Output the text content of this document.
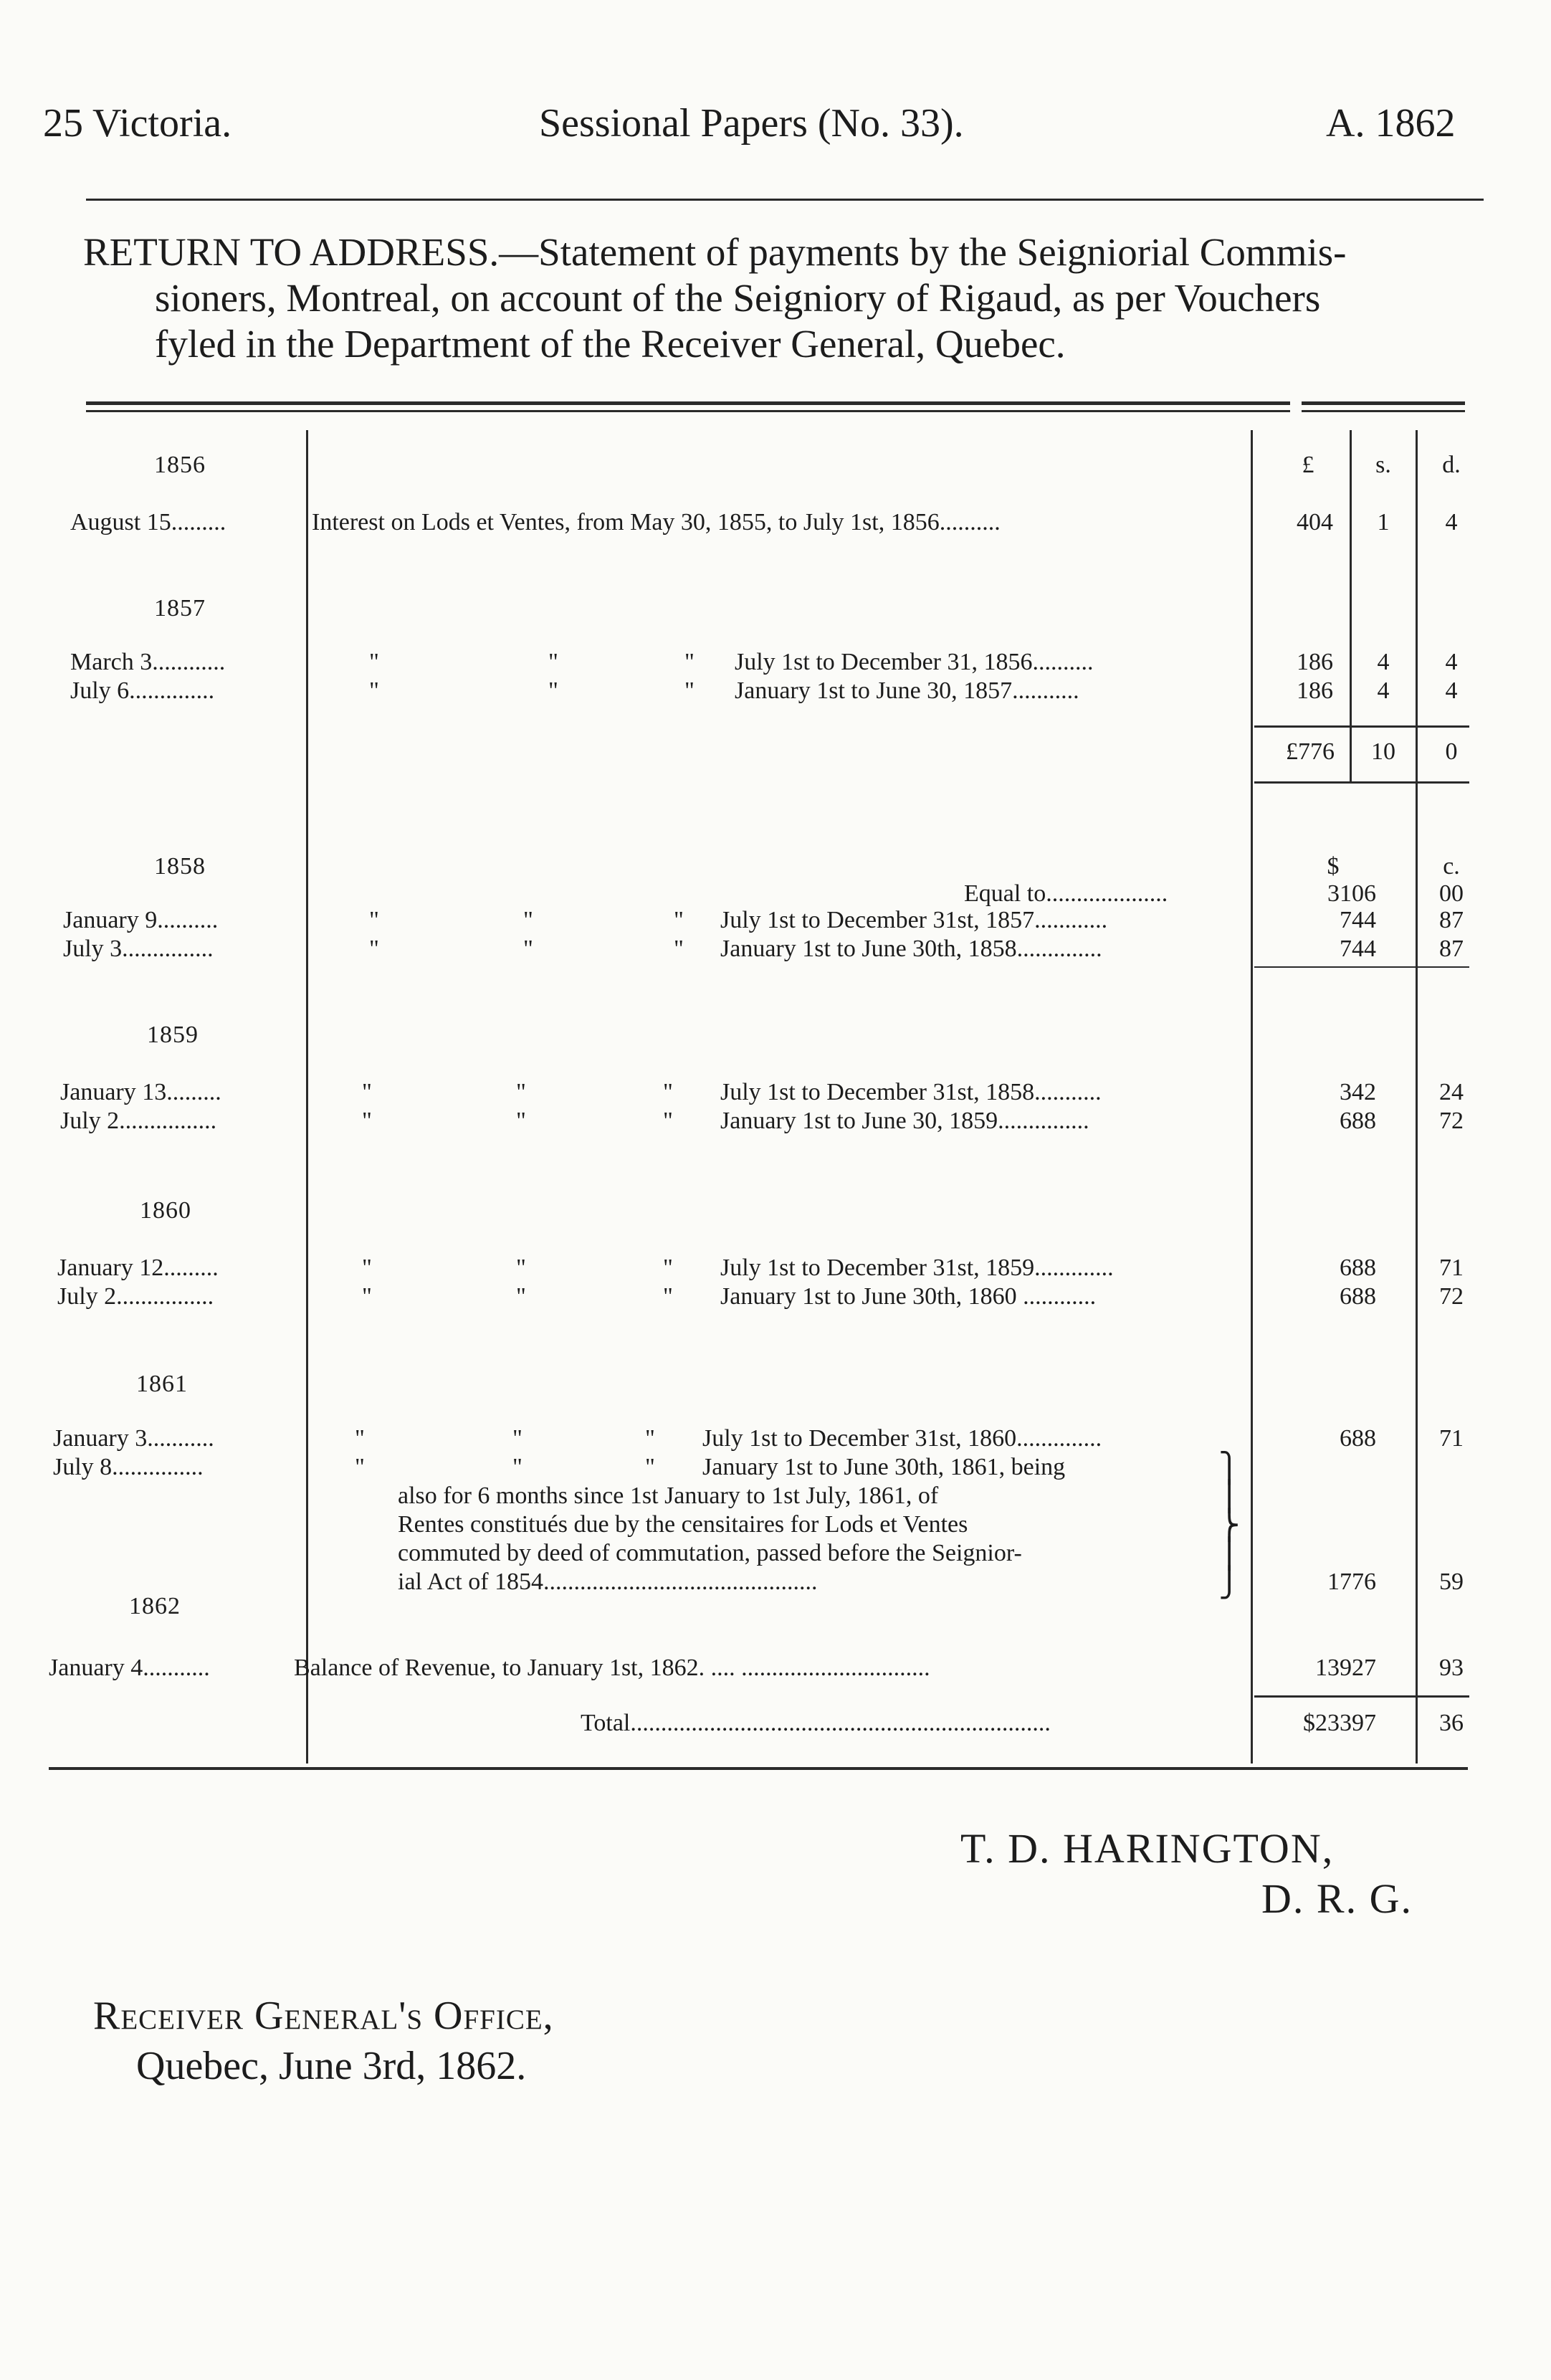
25 Victoria.	Sessional Papers (No. 33).	A. 1862
RETURN TO ADDRESS.—Statement of payments by the Seigniorial Commis-
sioners, Montreal, on account of the Seigniory of Rigaud, as per Vouchers
fyled in the Department of the Receiver General, Quebec.
£	s.	d.
1856
August 15.........	Interest on Lods et Ventes, from May 30, 1855, to July 1st, 1856..........	404	1	4
1857
March 3............	"	"	" July 1st to December 31, 1856..........	186	4	4
July 6..............	"	"	" January 1st to June 30, 1857...........	186	4	4
£776	10	0
$	c.
1858
Equal to....................	3106	00
January 9..........	"	"	" July 1st to December 31st, 1857............	744	87
July 3...............	"	"	" January 1st to June 30th, 1858..............	744	87
1859
January 13.........	"	"	" July 1st to December 31st, 1858...........	342	24
July 2................	"	"	" January 1st to June 30, 1859...............	688	72
1860
January 12.........	"	"	" July 1st to December 31st, 1859.............	688	71
July 2................	"	"	" January 1st to June 30th, 1860 ............	688	72
1861
January 3...........	"	"	" July 1st to December 31st, 1860..............	688	71
July 8...............	"	"	" January 1st to June 30th, 1861, being
also for 6 months since 1st January to 1st July, 1861, of
Rentes constitués due by the censitaires for Lods et Ventes
commuted by deed of commutation, passed before the Seignior-
ial Act of 1854.............................................
⎫
⎪
⎬
⎪
⎭	1776	59
1862
January 4...........	Balance of Revenue, to January 1st, 1862. .... ...............................	13927	93
Total.....................................................................	$23397	36
T. D. HARINGTON,
D. R. G.
Receiver General's Office,
Quebec, June 3rd, 1862.
